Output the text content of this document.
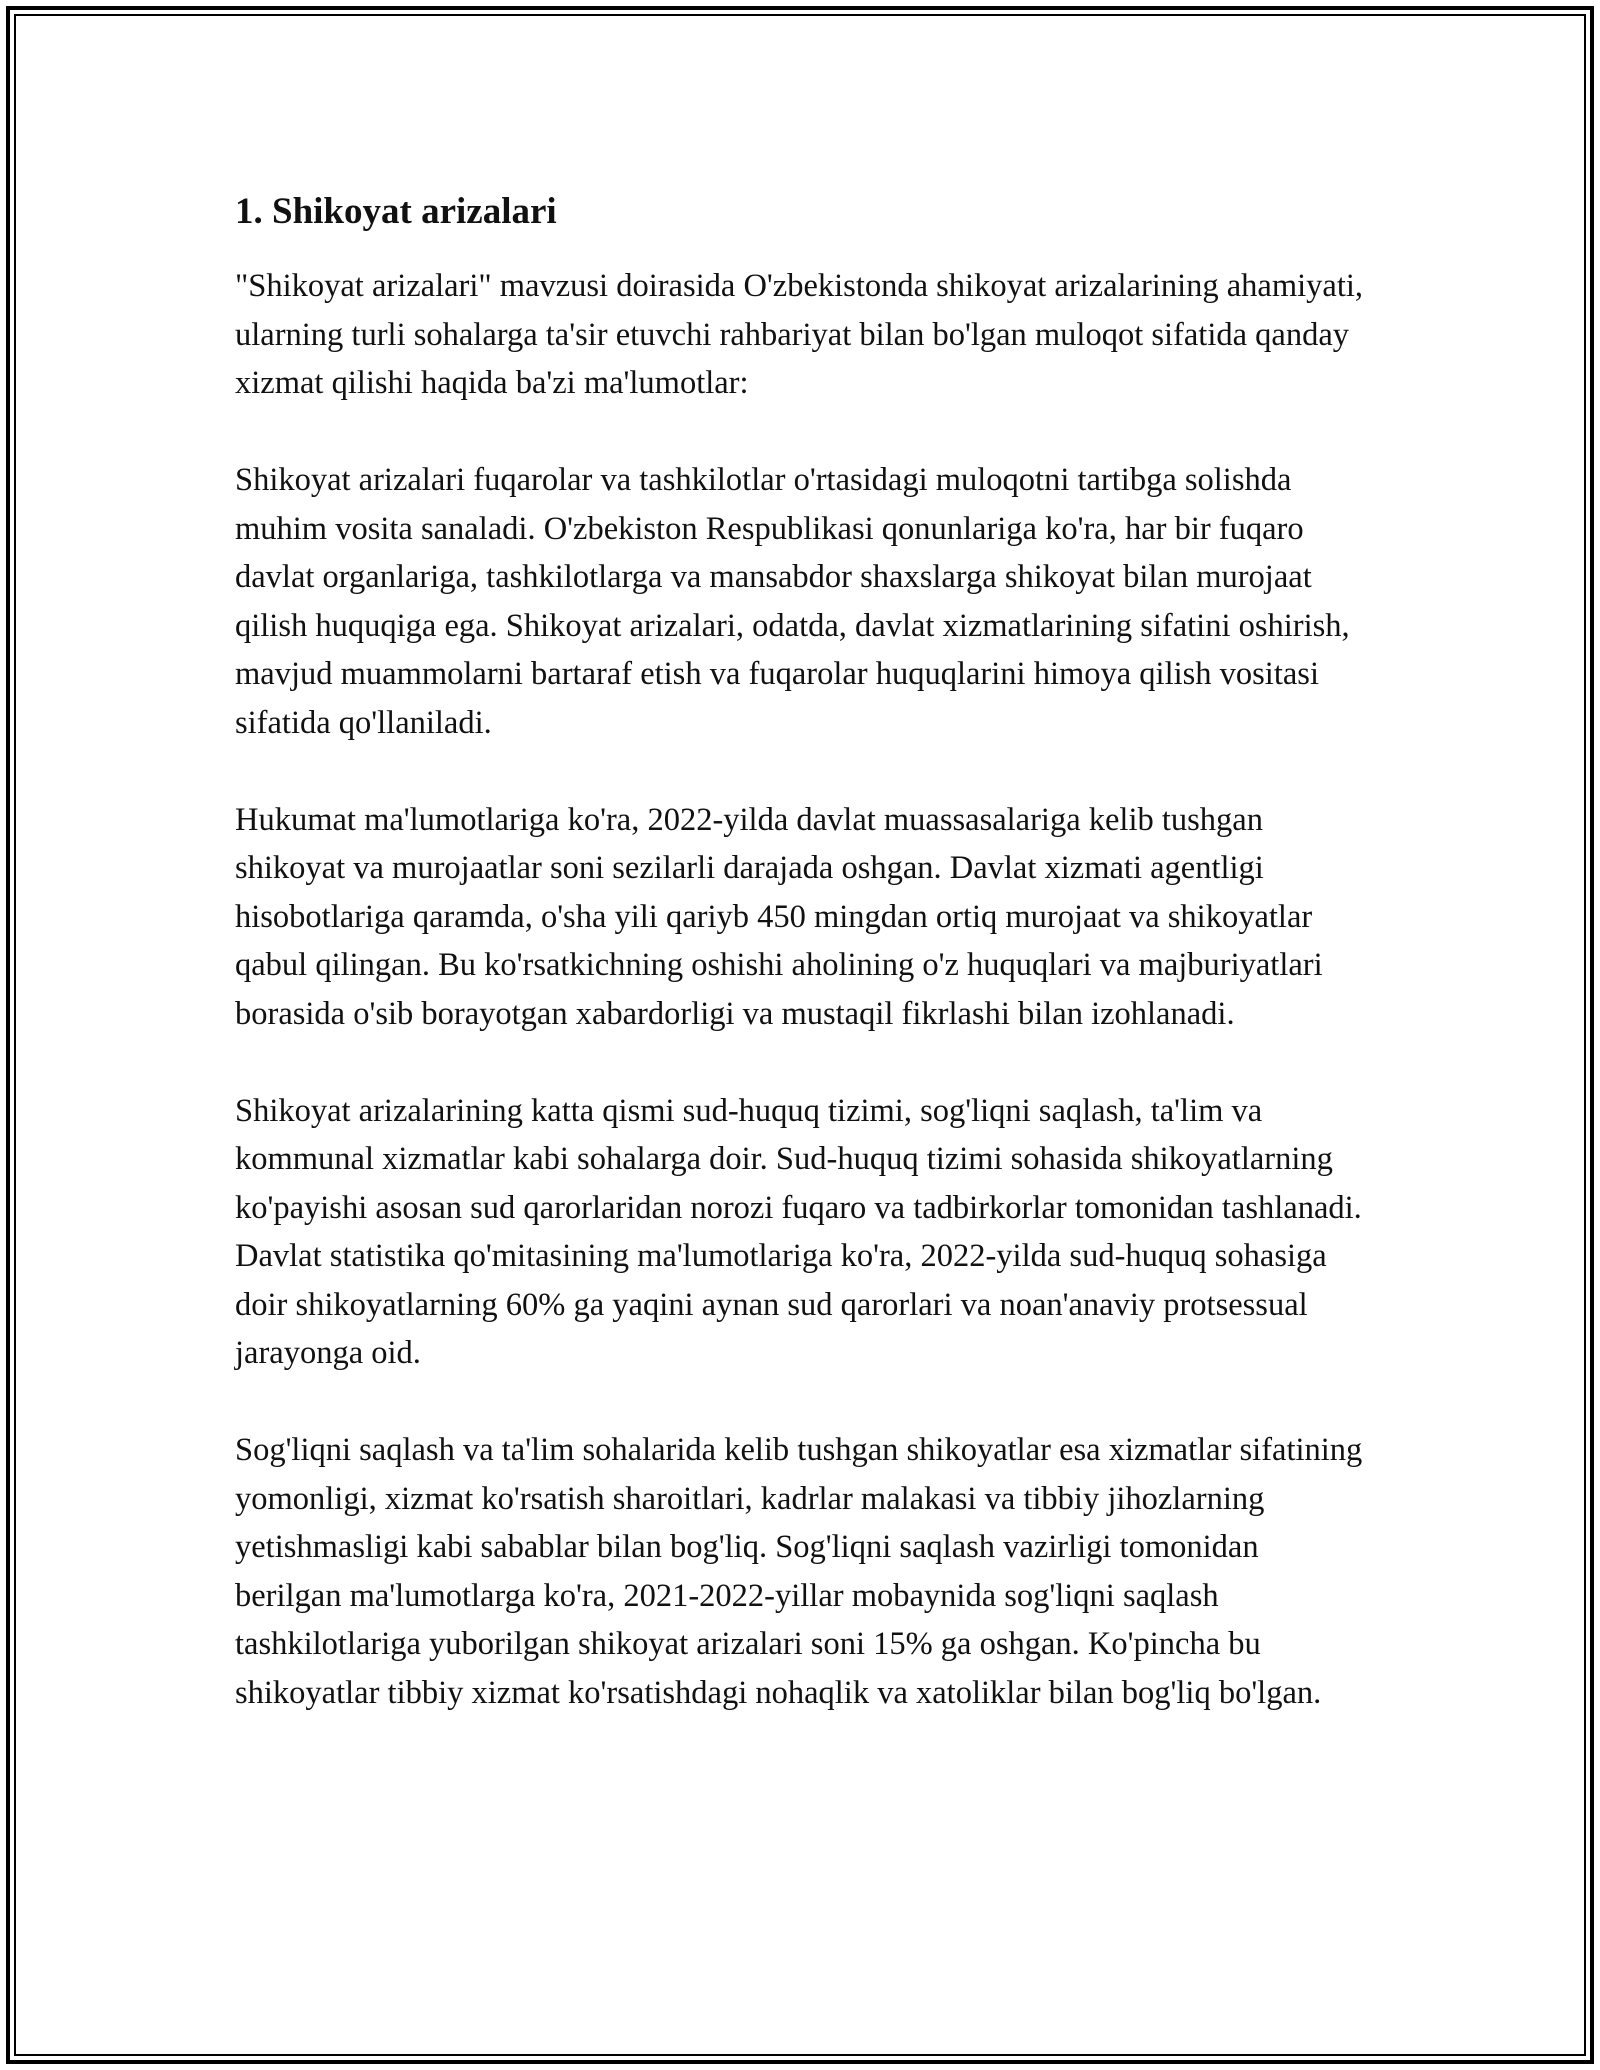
1. Shikoyat arizalari

"Shikoyat arizalari" mavzusi doirasida O'zbekistonda shikoyat arizalarining ahamiyati, ularning turli sohalarga ta'sir etuvchi rahbariyat bilan bo'lgan muloqot sifatida qanday xizmat qilishi haqida ba'zi ma'lumotlar:

Shikoyat arizalari fuqarolar va tashkilotlar o'rtasidagi muloqotni tartibga solishda muhim vosita sanaladi. O'zbekiston Respublikasi qonunlariga ko'ra, har bir fuqaro davlat organlariga, tashkilotlarga va mansabdor shaxslarga shikoyat bilan murojaat qilish huquqiga ega. Shikoyat arizalari, odatda, davlat xizmatlarining sifatini oshirish, mavjud muammolarni bartaraf etish va fuqarolar huquqlarini himoya qilish vositasi sifatida qo'llaniladi.

Hukumat ma'lumotlariga ko'ra, 2022-yilda davlat muassasalariga kelib tushgan shikoyat va murojaatlar soni sezilarli darajada oshgan. Davlat xizmati agentligi hisobotlariga qaramda, o'sha yili qariyb 450 mingdan ortiq murojaat va shikoyatlar qabul qilingan. Bu ko'rsatkichning oshishi aholining o'z huquqlari va majburiyatlari borasida o'sib borayotgan xabardorligi va mustaqil fikrlashi bilan izohlanadi.

Shikoyat arizalarining katta qismi sud-huquq tizimi, sog'liqni saqlash, ta'lim va kommunal xizmatlar kabi sohalarga doir. Sud-huquq tizimi sohasida shikoyatlarning ko'payishi asosan sud qarorlaridan norozi fuqaro va tadbirkorlar tomonidan tashlanadi. Davlat statistika qo'mitasining ma'lumotlariga ko'ra, 2022-yilda sud-huquq sohasiga doir shikoyatlarning 60% ga yaqini aynan sud qarorlari va noan'anaviy protsessual jarayonga oid.

Sog'liqni saqlash va ta'lim sohalarida kelib tushgan shikoyatlar esa xizmatlar sifatining yomonligi, xizmat ko'rsatish sharoitlari, kadrlar malakasi va tibbiy jihozlarning yetishmasligi kabi sabablar bilan bog'liq. Sog'liqni saqlash vazirligi tomonidan berilgan ma'lumotlarga ko'ra, 2021-2022-yillar mobaynida sog'liqni saqlash tashkilotlariga yuborilgan shikoyat arizalari soni 15% ga oshgan. Ko'pincha bu shikoyatlar tibbiy xizmat ko'rsatishdagi nohaqlik va xatoliklar bilan bog'liq bo'lgan.
